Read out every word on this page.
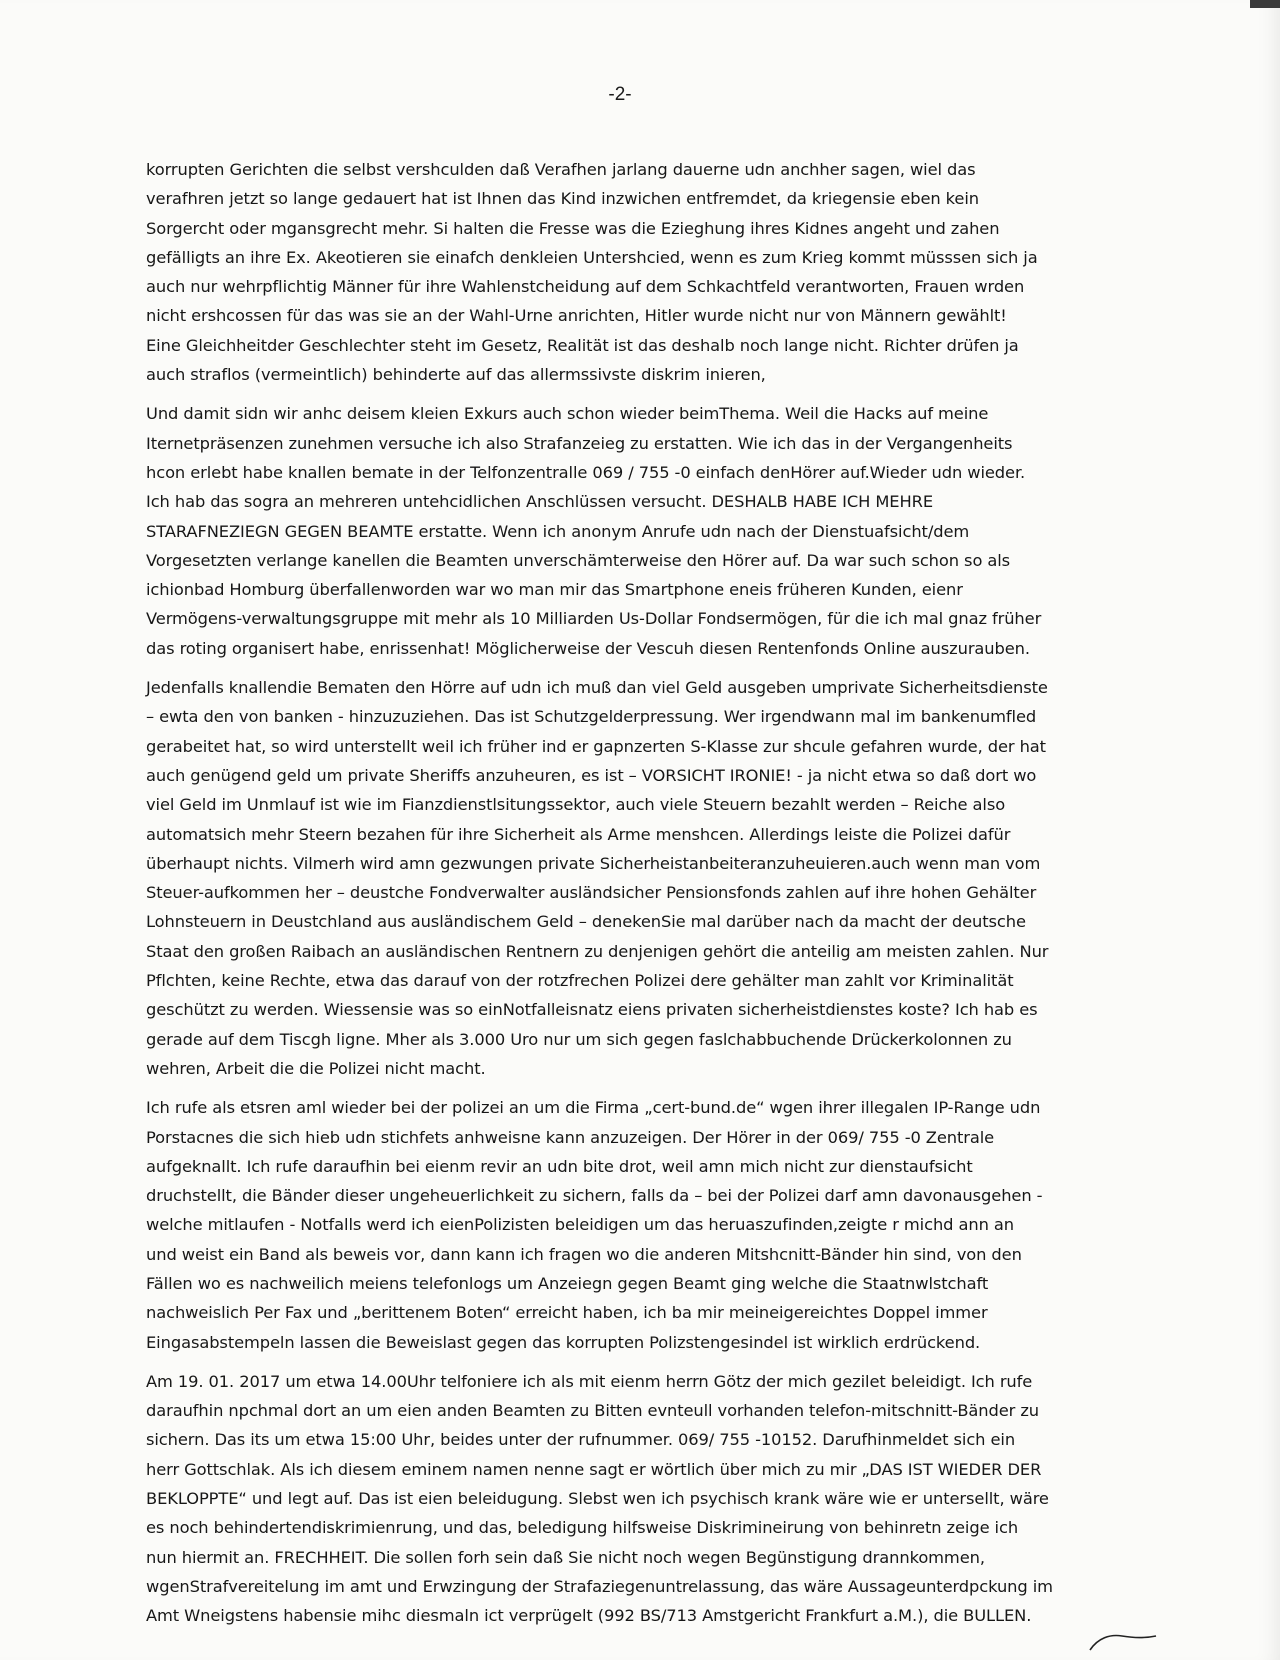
-2-
korrupten Gerichten die selbst vershculden daß Verafhen jarlang dauerne udn anchher sagen, wiel das
verafhren jetzt so lange gedauert hat ist Ihnen das Kind inzwichen entfremdet, da kriegensie eben kein
Sorgercht oder mgansgrecht mehr. Si halten die Fresse was die Ezieghung ihres Kidnes angeht und zahen
gefälligts an ihre Ex. Akeotieren sie einafch denkleien Untershcied, wenn es zum Krieg kommt müsssen sich ja
auch nur wehrpflichtig Männer für ihre Wahlenstcheidung auf dem Schkachtfeld verantworten, Frauen wrden
nicht ershcossen für das was sie an der Wahl-Urne anrichten, Hitler wurde nicht nur von Männern gewählt!
Eine Gleichheitder Geschlechter steht im Gesetz, Realität ist das deshalb noch lange nicht. Richter drüfen ja
auch straflos (vermeintlich) behinderte auf das allermssivste diskrim inieren,
Und damit sidn wir anhc deisem kleien Exkurs auch schon wieder beimThema. Weil die Hacks auf meine
Iternetpräsenzen zunehmen versuche ich also Strafanzeieg zu erstatten. Wie ich das in der Vergangenheits
hcon erlebt habe knallen bemate in der Telfonzentralle 069 / 755 -0 einfach denHörer auf.Wieder udn wieder.
Ich hab das sogra an mehreren untehcidlichen Anschlüssen versucht. DESHALB HABE ICH MEHRE
STARAFNEZIEGN GEGEN BEAMTE erstatte. Wenn ich anonym Anrufe udn nach der Dienstuafsicht/dem
Vorgesetzten verlange kanellen die Beamten unverschämterweise den Hörer auf. Da war such schon so als
ichionbad Homburg überfallenworden war wo man mir das Smartphone eneis früheren Kunden, eienr
Vermögens-verwaltungsgruppe mit mehr als 10 Milliarden Us-Dollar Fondsermögen, für die ich mal gnaz früher
das roting organisert habe, enrissenhat! Möglicherweise der Vescuh diesen Rentenfonds Online auszurauben.
Jedenfalls knallendie Bematen den Hörre auf udn ich muß dan viel Geld ausgeben umprivate Sicherheitsdienste
– ewta den von banken - hinzuzuziehen. Das ist Schutzgelderpressung. Wer irgendwann mal im bankenumfled
gerabeitet hat, so wird unterstellt weil ich früher ind er gapnzerten S-Klasse zur shcule gefahren wurde, der hat
auch genügend geld um private Sheriffs anzuheuren, es ist – VORSICHT IRONIE! - ja nicht etwa so daß dort wo
viel Geld im Unmlauf ist wie im Fianzdienstlsitungssektor, auch viele Steuern bezahlt werden – Reiche also
automatsich mehr Steern bezahen für ihre Sicherheit als Arme menshcen. Allerdings leiste die Polizei dafür
überhaupt nichts. Vilmerh wird amn gezwungen private Sicherheistanbeiteranzuheuieren.auch wenn man vom
Steuer-aufkommen her – deustche Fondverwalter ausländsicher Pensionsfonds zahlen auf ihre hohen Gehälter
Lohnsteuern in Deustchland aus ausländischem Geld – denekenSie mal darüber nach da macht der deutsche
Staat den großen Raibach an ausländischen Rentnern zu denjenigen gehört die anteilig am meisten zahlen. Nur
Pflchten, keine Rechte, etwa das darauf von der rotzfrechen Polizei dere gehälter man zahlt vor Kriminalität
geschützt zu werden. Wiessensie was so einNotfalleisnatz eiens privaten sicherheistdienstes koste? Ich hab es
gerade auf dem Tiscgh ligne. Mher als 3.000 Uro nur um sich gegen faslchabbuchende Drückerkolonnen zu
wehren, Arbeit die die Polizei nicht macht.
Ich rufe als etsren aml wieder bei der polizei an um die Firma „cert-bund.de“ wgen ihrer illegalen IP-Range udn
Porstacnes die sich hieb udn stichfets anhweisne kann anzuzeigen. Der Hörer in der 069/ 755 -0 Zentrale
aufgeknallt. Ich rufe daraufhin bei eienm revir an udn bite drot, weil amn mich nicht zur dienstaufsicht
druchstellt, die Bänder dieser ungeheuerlichkeit zu sichern, falls da – bei der Polizei darf amn davonausgehen -
welche mitlaufen - Notfalls werd ich eienPolizisten beleidigen um das heruaszufinden,zeigte r michd ann an
und weist ein Band als beweis vor, dann kann ich fragen wo die anderen Mitshcnitt-Bänder hin sind, von den
Fällen wo es nachweilich meiens telefonlogs um Anzeiegn gegen Beamt ging welche die Staatnwlstchaft
nachweislich Per Fax und „berittenem Boten“ erreicht haben, ich ba mir meineigereichtes Doppel immer
Eingasabstempeln lassen die Beweislast gegen das korrupten Polizstengesindel ist wirklich erdrückend.
Am 19. 01. 2017 um etwa 14.00Uhr telfoniere ich als mit eienm herrn Götz der mich gezilet beleidigt. Ich rufe
daraufhin npchmal dort an um eien anden Beamten zu Bitten evnteull vorhanden telefon-mitschnitt-Bänder zu
sichern. Das its um etwa 15:00 Uhr, beides unter der rufnummer. 069/ 755 -10152. Darufhinmeldet sich ein
herr Gottschlak. Als ich diesem eminem namen nenne sagt er wörtlich über mich zu mir „DAS IST WIEDER DER
BEKLOPPTE“ und legt auf. Das ist eien beleidugung. Slebst wen ich psychisch krank wäre wie er untersellt, wäre
es noch behindertendiskrimienrung, und das, beledigung hilfsweise Diskrimineirung von behinretn zeige ich
nun hiermit an. FRECHHEIT. Die sollen forh sein daß Sie nicht noch wegen Begünstigung drannkommen,
wgenStrafvereitelung im amt und Erwzingung der Strafaziegenuntrelassung, das wäre Aussageunterdpckung im
Amt Wneigstens habensie mihc diesmaln ict verprügelt (992 BS/713 Amstgericht Frankfurt a.M.), die BULLEN.
